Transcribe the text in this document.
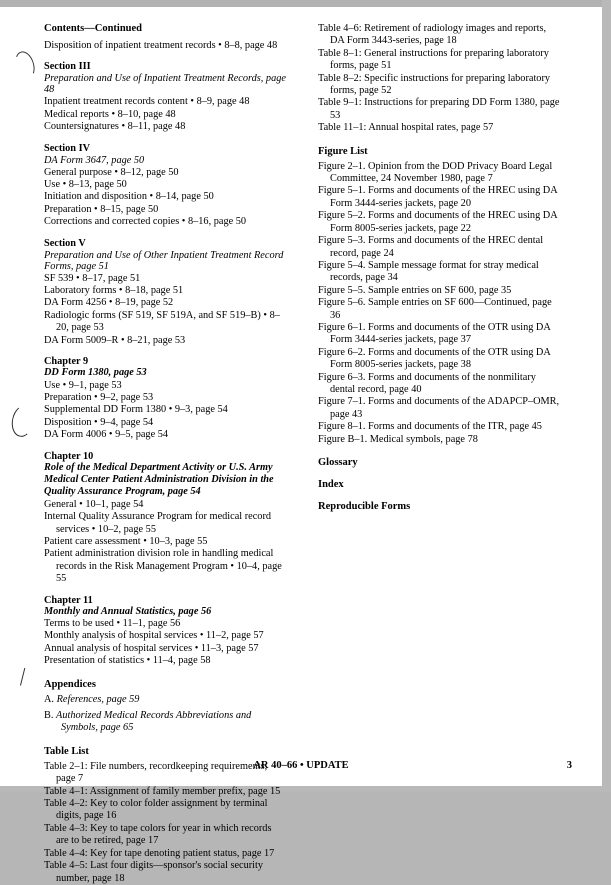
Contents—Continued
Disposition of inpatient treatment records • 8–8, page 48
Section III
Preparation and Use of Inpatient Treatment Records, page 48
Inpatient treatment records content • 8–9, page 48
Medical reports • 8–10, page 48
Countersignatures • 8–11, page 48
Section IV
DA Form 3647, page 50
General purpose • 8–12, page 50
Use • 8–13, page 50
Initiation and disposition • 8–14, page 50
Preparation • 8–15, page 50
Corrections and corrected copies • 8–16, page 50
Section V
Preparation and Use of Other Inpatient Treatment Record Forms, page 51
SF 539 • 8–17, page 51
Laboratory forms • 8–18, page 51
DA Form 4256 • 8–19, page 52
Radiologic forms (SF 519, SF 519A, and SF 519–B) • 8–20, page 53
DA Form 5009–R • 8–21, page 53
Chapter 9
DD Form 1380, page 53
Use • 9–1, page 53
Preparation • 9–2, page 53
Supplemental DD Form 1380 • 9–3, page 54
Disposition • 9–4, page 54
DA Form 4006 • 9–5, page 54
Chapter 10
Role of the Medical Department Activity or U.S. Army Medical Center Patient Administration Division in the Quality Assurance Program, page 54
General • 10–1, page 54
Internal Quality Assurance Program for medical record services • 10–2, page 55
Patient care assessment • 10–3, page 55
Patient administration division role in handling medical records in the Risk Management Program • 10–4, page 55
Chapter 11
Monthly and Annual Statistics, page 56
Terms to be used • 11–1, page 56
Monthly analysis of hospital services • 11–2, page 57
Annual analysis of hospital services • 11–3, page 57
Presentation of statistics • 11–4, page 58
Appendices
A. References, page 59
B. Authorized Medical Records Abbreviations and Symbols, page 65
Table List
Table 2–1: File numbers, recordkeeping requirements, page 7
Table 4–1: Assignment of family member prefix, page 15
Table 4–2: Key to color folder assignment by terminal digits, page 16
Table 4–3: Key to tape colors for year in which records are to be retired, page 17
Table 4–4: Key for tape denoting patient status, page 17
Table 4–5: Last four digits—sponsor's social security number, page 18
Table 4–6: Retirement of radiology images and reports, DA Form 3443-series, page 18
Table 8–1: General instructions for preparing laboratory forms, page 51
Table 8–2: Specific instructions for preparing laboratory forms, page 52
Table 9–1: Instructions for preparing DD Form 1380, page 53
Table 11–1: Annual hospital rates, page 57
Figure List
Figure 2–1. Opinion from the DOD Privacy Board Legal Committee, 24 November 1980, page 7
Figure 5–1. Forms and documents of the HREC using DA Form 3444-series jackets, page 20
Figure 5–2. Forms and documents of the HREC using DA Form 8005-series jackets, page 22
Figure 5–3. Forms and documents of the HREC dental record, page 24
Figure 5–4. Sample message format for stray medical records, page 34
Figure 5–5. Sample entries on SF 600, page 35
Figure 5–6. Sample entries on SF 600—Continued, page 36
Figure 6–1. Forms and documents of the OTR using DA Form 3444-series jackets, page 37
Figure 6–2. Forms and documents of the OTR using DA Form 8005-series jackets, page 38
Figure 6–3. Forms and documents of the nonmilitary dental record, page 40
Figure 7–1. Forms and documents of the ADAPCP–OMR, page 43
Figure 8–1. Forms and documents of the ITR, page 45
Figure B–1. Medical symbols, page 78
Glossary
Index
Reproducible Forms
AR 40–66 • UPDATE	3
